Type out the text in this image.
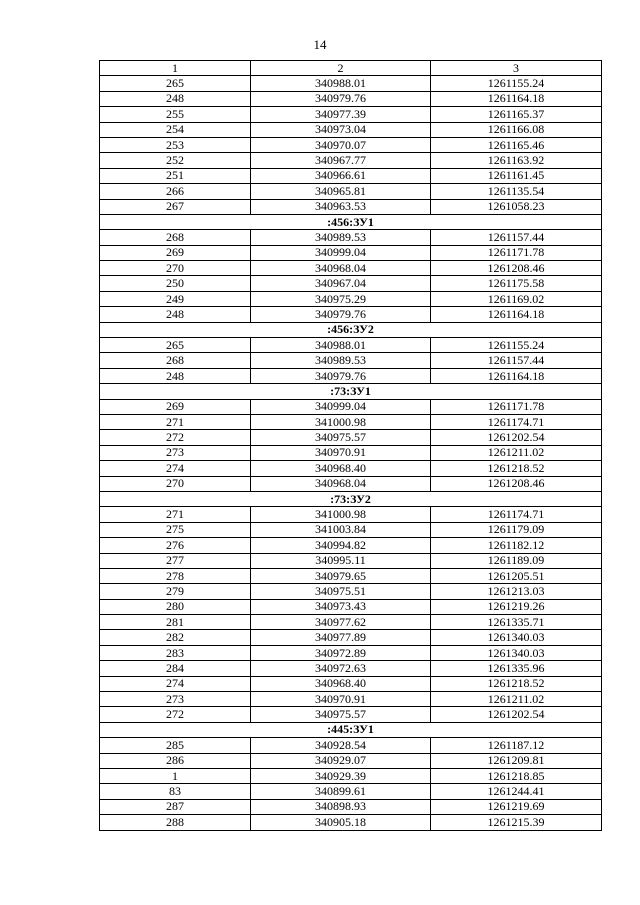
14
1	2	3
265	340988.01	1261155.24
248	340979.76	1261164.18
255	340977.39	1261165.37
254	340973.04	1261166.08
253	340970.07	1261165.46
252	340967.77	1261163.92
251	340966.61	1261161.45
266	340965.81	1261135.54
267	340963.53	1261058.23
:456:ЗУ1		
268	340989.53	1261157.44
269	340999.04	1261171.78
270	340968.04	1261208.46
250	340967.04	1261175.58
249	340975.29	1261169.02
248	340979.76	1261164.18
:456:ЗУ2		
265	340988.01	1261155.24
268	340989.53	1261157.44
248	340979.76	1261164.18
:73:ЗУ1		
269	340999.04	1261171.78
271	341000.98	1261174.71
272	340975.57	1261202.54
273	340970.91	1261211.02
274	340968.40	1261218.52
270	340968.04	1261208.46
:73:ЗУ2		
271	341000.98	1261174.71
275	341003.84	1261179.09
276	340994.82	1261182.12
277	340995.11	1261189.09
278	340979.65	1261205.51
279	340975.51	1261213.03
280	340973.43	1261219.26
281	340977.62	1261335.71
282	340977.89	1261340.03
283	340972.89	1261340.03
284	340972.63	1261335.96
274	340968.40	1261218.52
273	340970.91	1261211.02
272	340975.57	1261202.54
:445:ЗУ1		
285	340928.54	1261187.12
286	340929.07	1261209.81
1	340929.39	1261218.85
83	340899.61	1261244.41
287	340898.93	1261219.69
288	340905.18	1261215.39
